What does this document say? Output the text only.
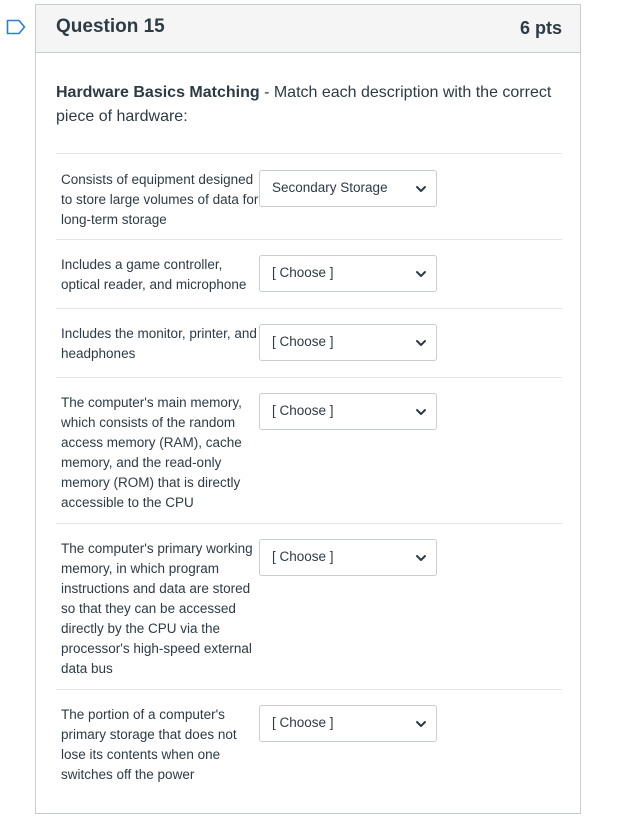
Question 15	6 pts
Hardware Basics Matching - Match each description with the correct piece of hardware:
Consists of equipment designed to store large volumes of data for long-term storage
Secondary Storage
Includes a game controller, optical reader, and microphone
[ Choose ]
Includes the monitor, printer, and headphones
[ Choose ]
The computer's main memory, which consists of the random access memory (RAM), cache memory, and the read-only memory (ROM) that is directly accessible to the CPU
[ Choose ]
The computer's primary working memory, in which program instructions and data are stored so that they can be accessed directly by the CPU via the processor's high-speed external data bus
[ Choose ]
The portion of a computer's primary storage that does not lose its contents when one switches off the power
[ Choose ]
